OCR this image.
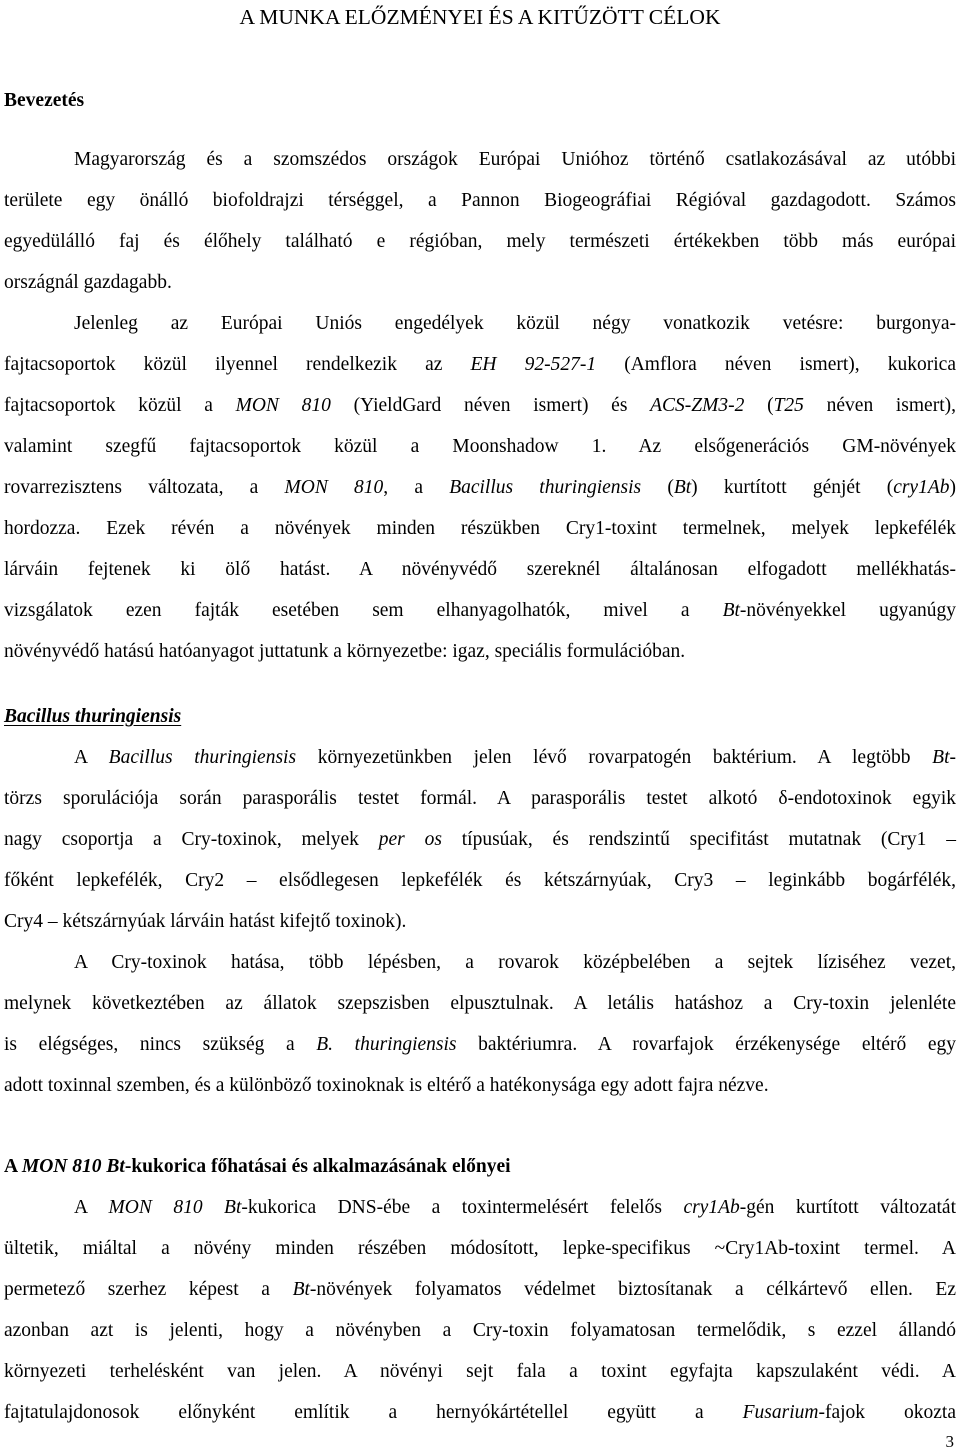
A MUNKA ELŐZMÉNYEI ÉS A KITŰZÖTT CÉLOK
Bevezetés
Magyarország és a szomszédos országok Európai Unióhoz történő csatlakozásával az utóbbi
területe egy önálló biofoldrajzi térséggel, a Pannon Biogeográfiai Régióval gazdagodott. Számos
egyedülálló faj és élőhely található e régióban, mely természeti értékekben több más európai
országnál gazdagabb.
Jelenleg az Európai Uniós engedélyek közül négy vonatkozik vetésre: burgonya-
fajtacsoportok közül ilyennel rendelkezik az EH 92-527-1 (Amflora néven ismert), kukorica
fajtacsoportok közül a MON 810 (YieldGard néven ismert) és ACS-ZM3-2 (T25 néven ismert),
valamint szegfű fajtacsoportok közül a Moonshadow 1. Az elsőgenerációs GM-növények
rovarrezisztens változata, a MON 810, a Bacillus thuringiensis (Bt) kurtított génjét (cry1Ab)
hordozza. Ezek révén a növények minden részükben Cry1-toxint termelnek, melyek lepkefélék
lárváin fejtenek ki ölő hatást. A növényvédő szereknél általánosan elfogadott mellékhatás-
vizsgálatok ezen fajták esetében sem elhanyagolhatók, mivel a Bt-növényekkel ugyanúgy
növényvédő hatású hatóanyagot juttatunk a környezetbe: igaz, speciális formulációban.
Bacillus thuringiensis
A Bacillus thuringiensis környezetünkben jelen lévő rovarpatogén baktérium. A legtöbb Bt-
törzs sporulációja során parasporális testet formál. A parasporális testet alkotó δ-endotoxinok egyik
nagy csoportja a Cry-toxinok, melyek per os típusúak, és rendszintű specifitást mutatnak (Cry1 –
főként lepkefélék, Cry2 – elsődlegesen lepkefélék és kétszárnyúak, Cry3 – leginkább bogárfélék,
Cry4 – kétszárnyúak lárváin hatást kifejtő toxinok).
A Cry-toxinok hatása, több lépésben, a rovarok középbelében a sejtek líziséhez vezet,
melynek következtében az állatok szepszisben elpusztulnak. A letális hatáshoz a Cry-toxin jelenléte
is elégséges, nincs szükség a B. thuringiensis baktériumra. A rovarfajok érzékenysége eltérő egy
adott toxinnal szemben, és a különböző toxinoknak is eltérő a hatékonysága egy adott fajra nézve.
A MON 810 Bt-kukorica főhatásai és alkalmazásának előnyei
A MON 810 Bt-kukorica DNS-ébe a toxintermelésért felelős cry1Ab-gén kurtított változatát
ültetik, miáltal a növény minden részében módosított, lepke-specifikus ~Cry1Ab-toxint termel. A
permetező szerhez képest a Bt-növények folyamatos védelmet biztosítanak a célkártevő ellen. Ez
azonban azt is jelenti, hogy a növényben a Cry-toxin folyamatosan termelődik, s ezzel állandó
környezeti terhelésként van jelen. A növényi sejt fala a toxint egyfajta kapszulaként védi. A
fajtatulajdonosok előnyként említik a hernyókártétellel együtt a Fusarium-fajok okozta
3
